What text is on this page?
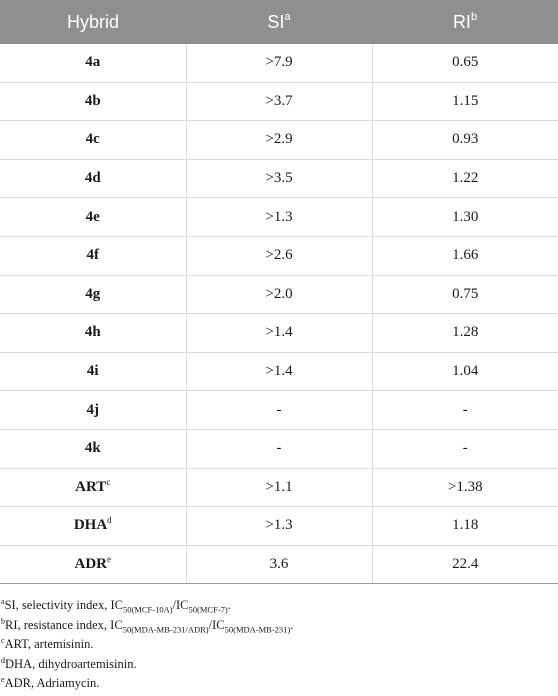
Hybrid	$SI^a$	$RI^b$
4a	>7.9	0.65
4b	>3.7	1.15
4c	>2.9	0.93
4d	>3.5	1.22
4e	>1.3	1.30
4f	>2.6	1.66
4g	>2.0	0.75
4h	>1.4	1.28
4i	>1.4	1.04
4j	-	-
4k	-	-
$ART^c$	>1.1	>1.38
$DHA^d$	>1.3	1.18
ADR$^e$	3.6	22.4
$^a$SI, selectivity index, $IC_{50(MCF-10A)}/IC_{50(MCF-7)}$.
$^b$RI, resistance index, $IC_{50(MDA-MB-231/ADR)}/IC_{50(MDA-MB-231)}$.
$^c$ART, artemisinin.
$^d$DHA, dihydroartemisinin.
$^e$ADR, Adriamycin.
